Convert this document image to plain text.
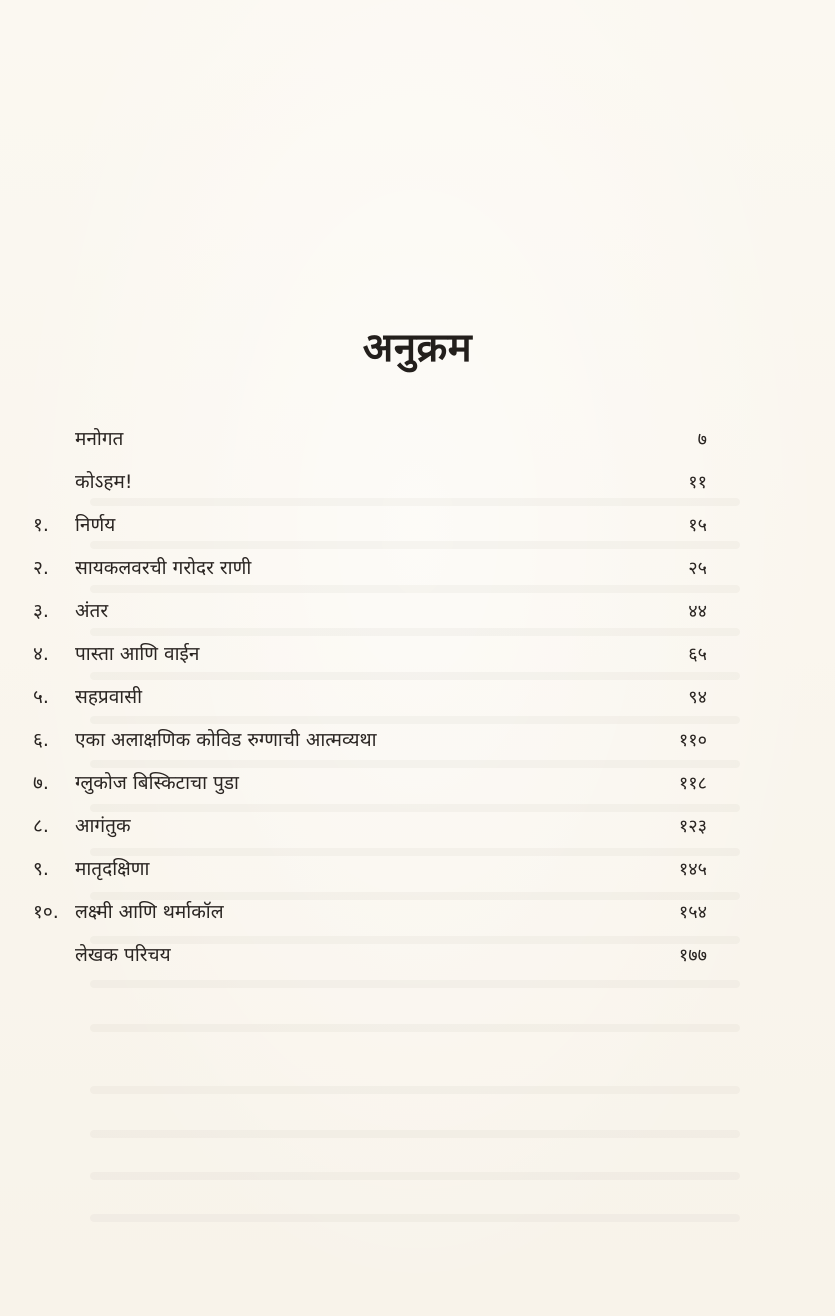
अनुक्रम
मनोगत	७
कोऽहम!	११
१.	निर्णय	१५
२.	सायकलवरची गरोदर राणी	२५
३.	अंतर	४४
४.	पास्ता आणि वाईन	६५
५.	सहप्रवासी	९४
६.	एका अलाक्षणिक कोविड रुग्णाची आत्मव्यथा	११०
७.	ग्लुकोज बिस्किटाचा पुडा	११८
८.	आगंतुक	१२३
९.	मातृदक्षिणा	१४५
१०. लक्ष्मी आणि थर्माकॉल	१५४
लेखक परिचय	१७७
